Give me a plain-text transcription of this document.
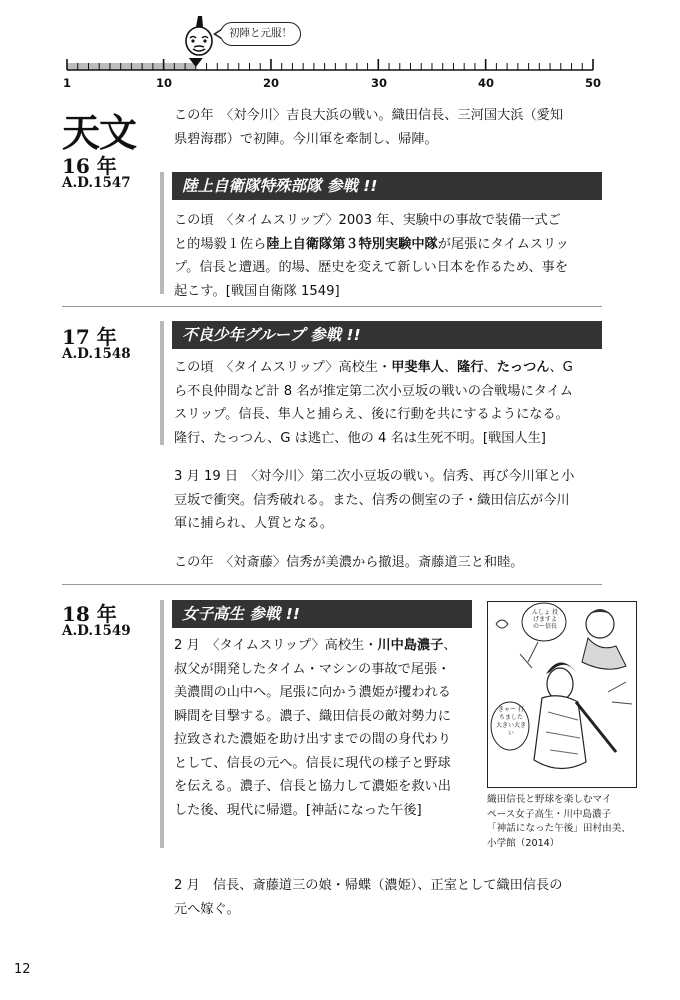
初陣と元服！
1	10	20	30	40	50
天文
16 年
A.D.1547
この年　〈対今川〉吉良大浜の戦い。織田信長、三河国大浜（愛知
県碧海郡）で初陣。今川軍を牽制し、帰陣。
陸上自衛隊特殊部隊 参戦 !!
この頃　〈タイムスリップ〉2003 年、実験中の事故で装備一式ご
と的場毅１佐ら陸上自衛隊第３特別実験中隊が尾張にタイムスリッ
プ。信長と遭遇。的場、歴史を変えて新しい日本を作るため、事を
起こす。[戦国自衛隊 1549]
17 年
A.D.1548
不良少年グループ 参戦 !!
この頃　〈タイムスリップ〉高校生・甲斐隼人、隆行、たっつん、G
ら不良仲間など計 8 名が推定第二次小豆坂の戦いの合戦場にタイム
スリップ。信長、隼人と捕らえ、後に行動を共にするようになる。
隆行、たっつん、G は逃亡、他の 4 名は生死不明。[戦国人生]
3 月 19 日　〈対今川〉第二次小豆坂の戦い。信秀、再び今川軍と小
豆坂で衝突。信秀破れる。また、信秀の側室の子・織田信広が今川
軍に捕られ、人質となる。
この年　〈対斎藤〉信秀が美濃から撤退。斎藤道三と和睦。
18 年
A.D.1549
女子高生 参戦 !!
2 月　〈タイムスリップ〉高校生・川中島濃子、
叔父が開発したタイム・マシンの事故で尾張・
美濃間の山中へ。尾張に向かう濃姫が攫われる
瞬間を目撃する。濃子、織田信長の敵対勢力に
拉致された濃姫を助け出すまでの間の身代わり
として、信長の元へ。信長に現代の様子と野球
を伝える。濃子、信長と協力して濃姫を救い出
した後、現代に帰還。[神話になった午後]
んしょ 投げますよ のー信長
きゃー 打ちました 大きい大きい
織田信長と野球を楽しむマイ
ペース女子高生・川中島濃子
「神話になった午後」田村由美、
小学館（2014）
2 月　信長、斎藤道三の娘・帰蝶（濃姫）、正室として織田信長の
元へ嫁ぐ。
12
